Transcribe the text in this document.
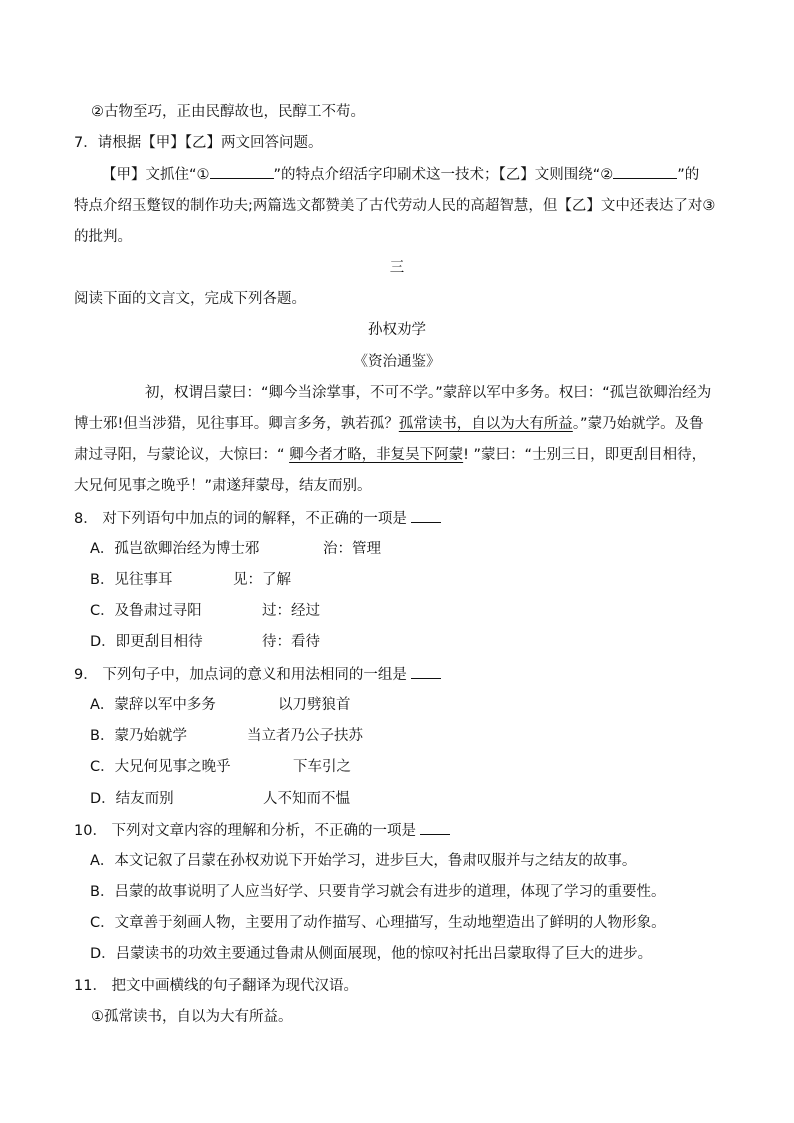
②古物至巧，正由民醇故也，民醇工不苟。
7．请根据【甲】【乙】两文回答问题。
【甲】文抓住“①	”的特点介绍活字印刷术这一技术；【乙】文则围绕“②	”的
特点介绍玉蹩钗的制作功夫;两篇选文都赞美了古代劳动人民的高超智慧，但【乙】文中还表达了对③
的批判。
三
阅读下面的文言文，完成下列各题。
孙权劝学
《资治通鉴》
初，权谓吕蒙曰：“卿今当涂掌事，不可不学。”蒙辞以军中多务。权曰：“孤岂欲卿治经为
博士邪!但当涉猎，见往事耳。卿言多务，孰若孤？孤常读书，自以为大有所益。”蒙乃始就学。及鲁
肃过寻阳，与蒙论议，大惊曰：“ 卿今者才略，非复吴下阿蒙! ”蒙曰：“士别三日，即更刮目相待，
大兄何见事之晚乎！”肃遂拜蒙母，结友而别。
8． 对下列语句中加点的词的解释，不正确的一项是
A．孤岂欲卿治经为博士邪	治：管理
B．见往事耳	见：了解
C．及鲁肃过寻阳	过：经过
D．即更刮目相待	待：看待
9． 下列句子中，加点词的意义和用法相同的一组是
A．蒙辞以军中多务	以刀劈狼首
B．蒙乃始就学	当立者乃公子扶苏
C．大兄何见事之晚乎	下车引之
D．结友而别	人不知而不愠
10． 下列对文章内容的理解和分析，不正确的一项是
A．本文记叙了吕蒙在孙权劝说下开始学习，进步巨大，鲁肃叹服并与之结友的故事。
B．吕蒙的故事说明了人应当好学、只要肯学习就会有进步的道理，体现了学习的重要性。
C．文章善于刻画人物，主要用了动作描写、心理描写，生动地塑造出了鲜明的人物形象。
D．吕蒙读书的功效主要通过鲁肃从侧面展现，他的惊叹衬托出吕蒙取得了巨大的进步。
11． 把文中画横线的句子翻译为现代汉语。
①孤常读书，自以为大有所益。
